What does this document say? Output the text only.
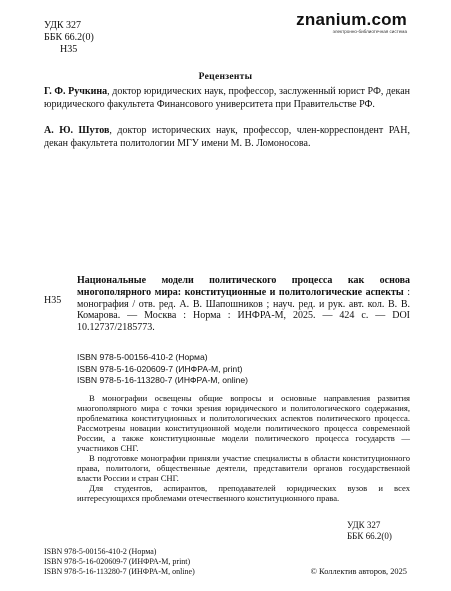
УДК 327
ББК 66.2(0)
Н35
znanium.com
электронно-библиотечная система
Рецензенты

Г. Ф. Ручкина, доктор юридических наук, профессор, заслуженный юрист РФ, декан юридического факультета Финансового университета при Правительстве РФ.

А. Ю. Шутов, доктор исторических наук, профессор, член-корреспондент РАН, декан факультета политологии МГУ имени М. В. Ломоносова.

Н35
Национальные модели политического процесса как основа многополярного мира: конституционные и политологические аспекты : монография / отв. ред. А. В. Шапошников ; науч. ред. и рук. авт. кол. В. В. Комарова. — Москва : Норма : ИНФРА-М, 2025. — 424 с. — DOI 10.12737/2185773.
ISBN 978-5-00156-410-2 (Норма)
ISBN 978-5-16-020609-7 (ИНФРА-М, print)
ISBN 978-5-16-113280-7 (ИНФРА-М, online)

В монографии освещены общие вопросы и основные направления развития многополярного мира с точки зрения юридического и политологического содержания, проблематика конституционных и политологических аспектов политического процесса. Рассмотрены новации конституционной модели политического процесса современной России, а также конституционные модели политического процесса государств — участников СНГ.

В подготовке монографии приняли участие специалисты в области конституционного права, политологи, общественные деятели, представители органов государственной власти России и стран СНГ.

Для студентов, аспирантов, преподавателей юридических вузов и всех интересующихся проблемами отечественного конституционного права.

УДК 327
ББК 66.2(0)
ISBN 978-5-00156-410-2 (Норма)
ISBN 978-5-16-020609-7 (ИНФРА-М, print)
ISBN 978-5-16-113280-7 (ИНФРА-М, online)	© Коллектив авторов, 2025
